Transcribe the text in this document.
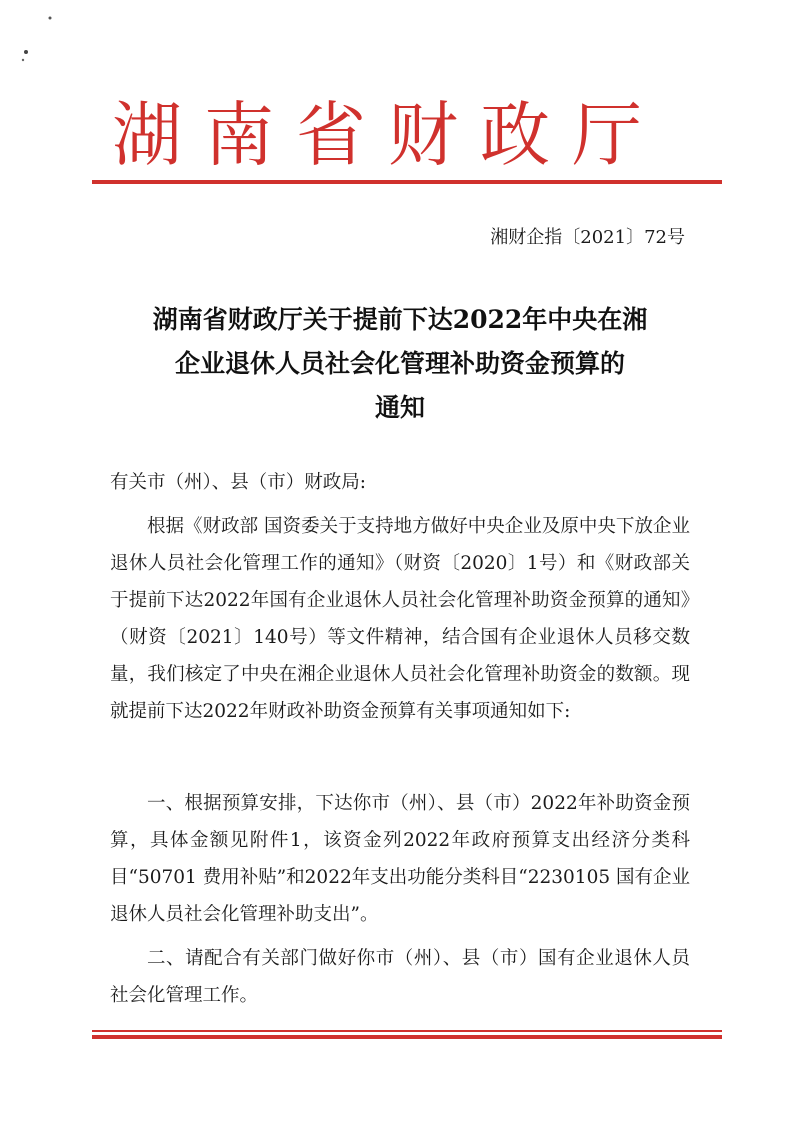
湖南省财政厅
湘财企指〔2021〕72号
湖南省财政厅关于提前下达2022年中央在湘
企业退休人员社会化管理补助资金预算的
通知
有关市（州）、县（市）财政局:

根据《财政部 国资委关于支持地方做好中央企业及原中央下放企业退休人员社会化管理工作的通知》（财资〔2020〕1号）和《财政部关于提前下达2022年国有企业退休人员社会化管理补助资金预算的通知》（财资〔2021〕140号）等文件精神，结合国有企业退休人员移交数量，我们核定了中央在湘企业退休人员社会化管理补助资金的数额。现就提前下达2022年财政补助资金预算有关事项通知如下:

一、根据预算安排，下达你市（州）、县（市）2022年补助资金预算，具体金额见附件1，该资金列2022年政府预算支出经济分类科目“50701 费用补贴”和2022年支出功能分类科目“2230105 国有企业退休人员社会化管理补助支出”。

二、请配合有关部门做好你市（州）、县（市）国有企业退休人员社会化管理工作。
